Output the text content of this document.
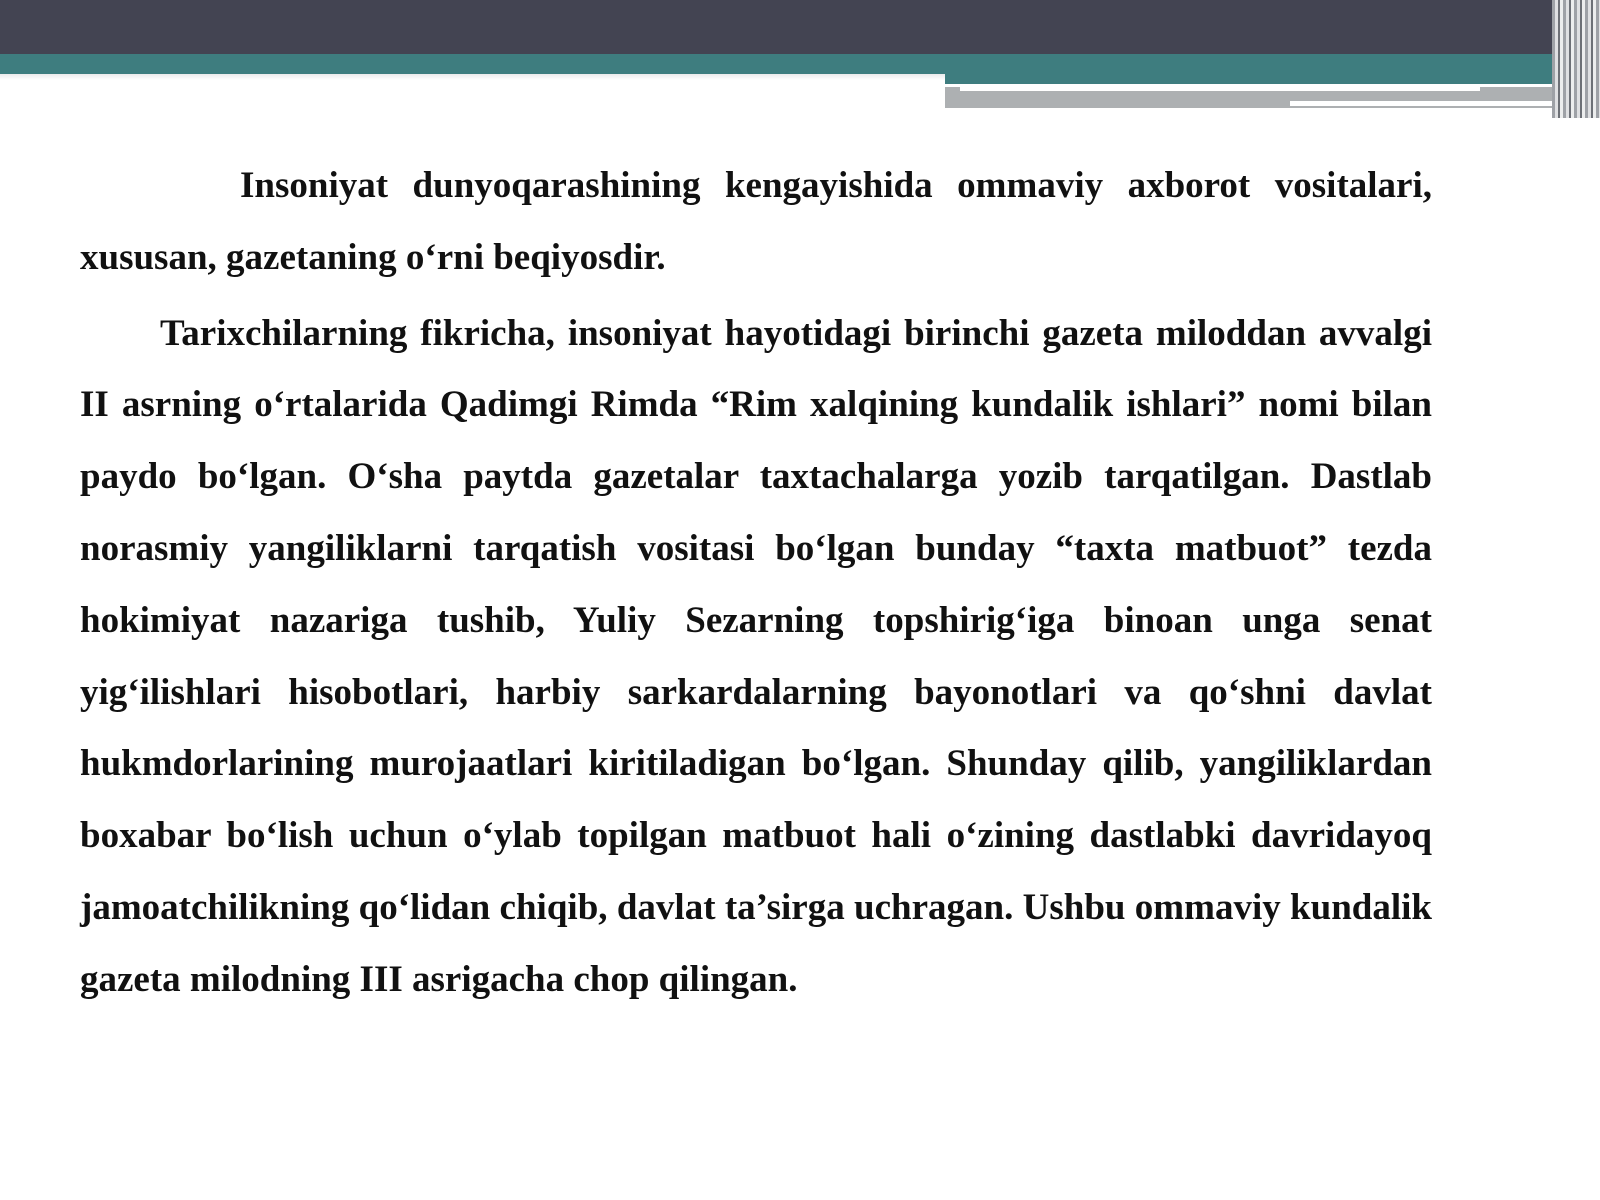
Insoniyat dunyoqarashining kengayishida ommaviy axborot vositalari, xususan, gazetaning o‘rni beqiyosdir.

Tarixchilarning fikricha, insoniyat hayotidagi birinchi gazeta miloddan avvalgi II asrning o‘rtalarida Qadimgi Rimda “Rim xalqining kundalik ishlari” nomi bilan paydo bo‘lgan. O‘sha paytda gazetalar taxtachalarga yozib tarqatilgan. Dastlab norasmiy yangiliklarni tarqatish vositasi bo‘lgan bunday “taxta matbuot” tezda hokimiyat nazariga tushib, Yuliy Sezarning topshirig‘iga binoan unga senat yig‘ilishlari hisobotlari, harbiy sarkardalarning bayonotlari va qo‘shni davlat hukmdorlarining murojaatlari kiritiladigan bo‘lgan. Shunday qilib, yangiliklardan boxabar bo‘lish uchun o‘ylab topilgan matbuot hali o‘zining dastlabki davridayoq jamoatchilikning qo‘lidan chiqib, davlat ta’sirga uchragan. Ushbu ommaviy kundalik gazeta milodning III asrigacha chop qilingan.
